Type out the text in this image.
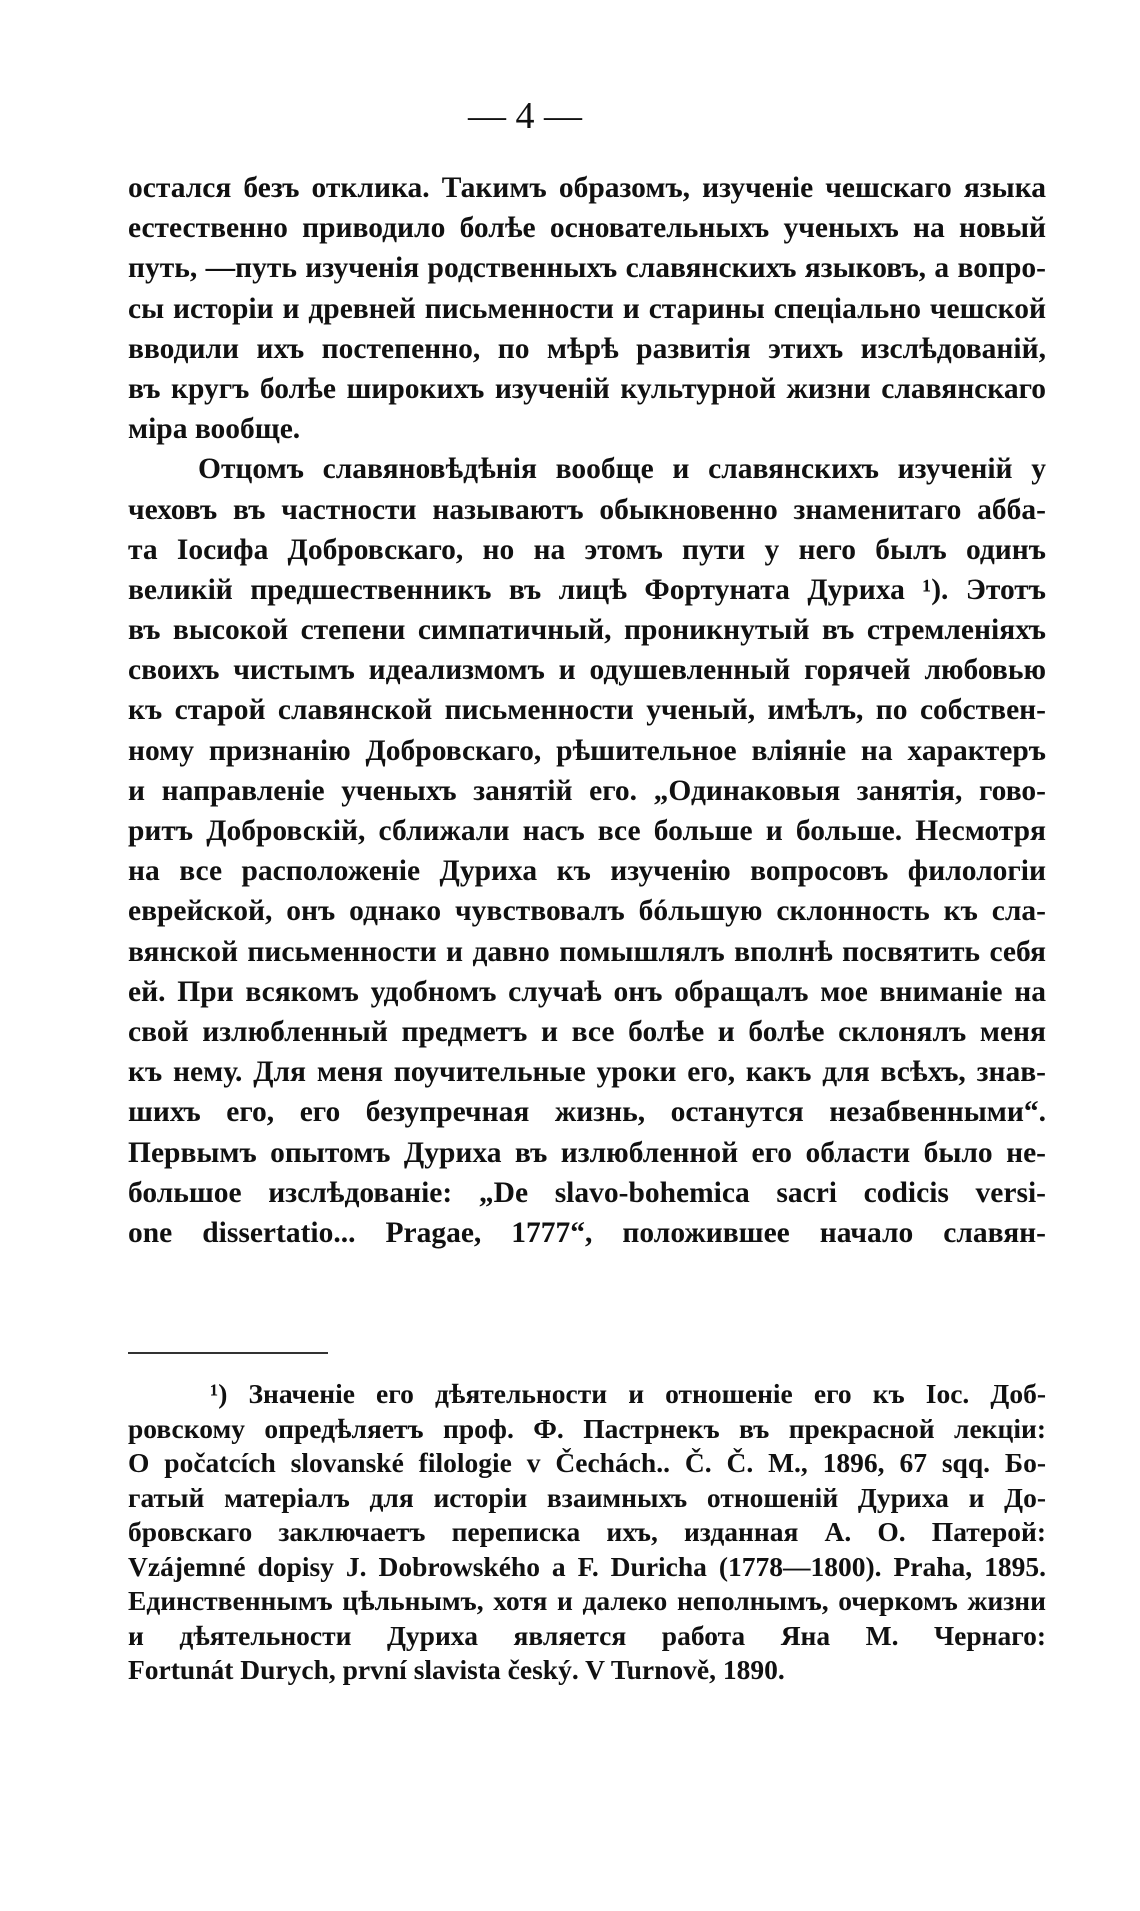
— 4 —
остался безъ отклика. Такимъ образомъ, изученіе чешскаго языка
естественно приводило болѣе основательныхъ ученыхъ на новый
путь, —путь изученія родственныхъ славянскихъ языковъ, а вопро-
сы исторіи и древней письменности и старины спеціально чешской
вводили ихъ постепенно, по мѣрѣ развитія этихъ изслѣдованій,
въ кругъ болѣе широкихъ изученій культурной жизни славянскаго
міра вообще.
Отцомъ славяновѣдѣнія вообще и славянскихъ изученій у
чеховъ въ частности называютъ обыкновенно знаменитаго абба-
та Іосифа Добровскаго, но на этомъ пути у него былъ одинъ
великій предшественникъ въ лицѣ Фортуната Дуриха ¹). Этотъ
въ высокой степени симпатичный, проникнутый въ стремленіяхъ
своихъ чистымъ идеализмомъ и одушевленный горячей любовью
къ старой славянской письменности ученый, имѣлъ, по собствен-
ному признанію Добровскаго, рѣшительное вліяніе на характеръ
и направленіе ученыхъ занятій его. „Одинаковыя занятія, гово-
ритъ Добровскій, сближали насъ все больше и больше. Несмотря
на все расположеніе Дуриха къ изученію вопросовъ филологіи
еврейской, онъ однако чувствовалъ бóльшую склонность къ сла-
вянской письменности и давно помышлялъ вполнѣ посвятить себя
ей. При всякомъ удобномъ случаѣ онъ обращалъ мое вниманіе на
свой излюбленный предметъ и все болѣе и болѣе склонялъ меня
къ нему. Для меня поучительные уроки его, какъ для всѣхъ, знав-
шихъ его, его безупречная жизнь, останутся незабвенными“.
Первымъ опытомъ Дуриха въ излюбленной его области было не-
большое изслѣдованіе: „De slavo-bohemica sacri codicis versi-
one dissertatio... Pragae, 1777“, положившее начало славян-
¹) Значеніе его дѣятельности и отношеніе его къ Іос. Доб-
ровскому опредѣляетъ проф. Ф. Пастрнекъ въ прекрасной лекціи:
O počatcích slovanské filologie v Čechách.. Č. Č. M., 1896, 67 sqq. Бо-
гатый матеріалъ для исторіи взаимныхъ отношеній Дуриха и До-
бровскаго заключаетъ переписка ихъ, изданная А. О. Патерой:
Vzájemné dopisy J. Dobrowského a F. Duricha (1778—1800). Praha, 1895.
Единственнымъ цѣльнымъ, хотя и далеко неполнымъ, очеркомъ жизни
и дѣятельности Дуриха является работа Яна М. Чернаго:
Fortunát Durych, první slavista český. V Turnově, 1890.
